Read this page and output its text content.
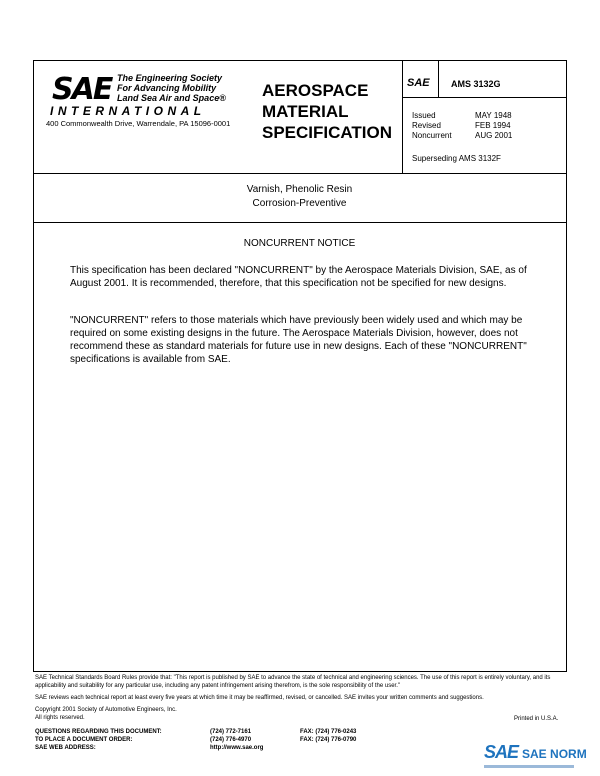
SAE The Engineering Society
For Advancing Mobility
Land Sea Air and Space®
INTERNATIONAL
400 Commonwealth Drive, Warrendale, PA 15096-0001
AEROSPACE
MATERIAL
SPECIFICATION
SAE AMS 3132G
Issued	MAY 1948
Revised	FEB 1994
Noncurrent	AUG 2001
Superseding AMS 3132F
Varnish, Phenolic Resin
Corrosion-Preventive
NONCURRENT NOTICE
This specification has been declared "NONCURRENT" by the Aerospace Materials Division, SAE, as of August 2001. It is recommended, therefore, that this specification not be specified for new designs.
"NONCURRENT" refers to those materials which have previously been widely used and which may be required on some existing designs in the future. The Aerospace Materials Division, however, does not recommend these as standard materials for future use in new designs. Each of these "NONCURRENT" specifications is available from SAE.
SAE Technical Standards Board Rules provide that: "This report is published by SAE to advance the state of technical and engineering sciences. The use of this report is entirely voluntary, and its applicability and suitability for any particular use, including any patent infringement arising therefrom, is the sole responsibility of the user."
SAE reviews each technical report at least every five years at which time it may be reaffirmed, revised, or cancelled. SAE invites your written comments and suggestions.
Copyright 2001 Society of Automotive Engineers, Inc.
All rights reserved.	Printed in U.S.A.
QUESTIONS REGARDING THIS DOCUMENT:	(724) 772-7161	FAX: (724) 776-0243
TO PLACE A DOCUMENT ORDER:	(724) 776-4970	FAX: (724) 776-0790
SAE WEB ADDRESS:	http://www.sae.org	SAE SAE NORM
